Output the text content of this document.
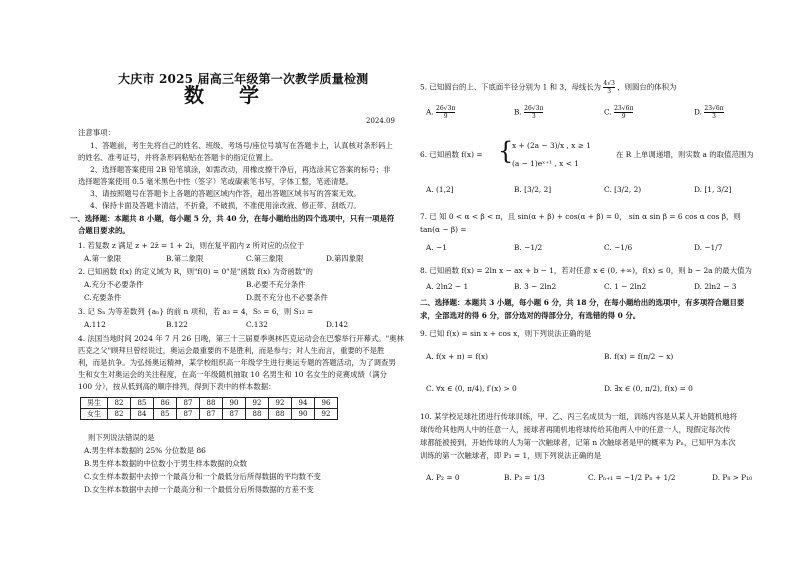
大庆市 2025 届高三年级第一次教学质量检测
数 学
2024.09
注意事项：
1、答题前，考生先将自己的姓名、班级、考场号/座位号填写在答题卡上，认真核对条形码上
的姓名、准考证号，并将条形码粘贴在答题卡的指定位置上。
2、选择题答案使用 2B 铅笔填涂，如需改动，用橡皮擦干净后，再选涂其它答案的标号；非
选择题答案使用 0.5 毫米黑色中性（签字）笔或碳素笔书写，字体工整，笔迹清楚。
3、请按照题号在答题卡上各题的答题区域内作答，超出答题区域书写的答案无效。
4、保持卡面及答题卡清洁，不折叠，不破损，不准使用涂改液、修正带、刮纸刀。
一、选择题：本题共 8 小题，每小题 5 分，共 40 分，在每小题给出的四个选项中，只有一项是符
合题目要求的。
1. 若复数 z 满足 z + 2z̄ = 1 + 2i，则在复平面内 z 所对应的点位于
A.第一象限	B.第二象限	C.第三象限	D.第四象限
2. 已知函数 f(x) 的定义域为 R，则"f(0) = 0"是"函数 f(x) 为奇函数"的
A.充分不必要条件	B.必要不充分条件
C.充要条件	D.既不充分也不必要条件
3. 记 Sₙ 为等差数列 {aₙ} 的前 n 项和，若 a₃ = 4，S₅ = 6，则 S₁₂ =
A.112	B.122	C.132	D.142
4. 法国当地时间 2024 年 7 月 26 日晚，第三十三届夏季奥林匹克运动会在巴黎举行开幕式。"奥林
匹克之父"顾拜旦曾经说过，奥运会最重要的不是胜利，而是参与；对人生而言，重要的不是胜
利，而是抗争。为弘扬奥运精神，某学校组织高一年级学生进行奥运专题的答题活动，为了调查男
生和女生对奥运会的关注程度，在高一年级随机抽取 10 名男生和 10 名女生的竞赛成绩（满分
100 分），按从低到高的顺序排列，得到下表中的样本数据：
男生	82	85	86	87	88	90	92	92	94	96
女生	82	84	85	87	87	87	88	88	90	92
则下列说法错误的是
A.男生样本数据的 25% 分位数是 86
B.男生样本数据的中位数小于男生样本数据的众数
C.女生样本数据中去掉一个最高分和一个最低分后所得数据的平均数不变
D.女生样本数据中去掉一个最高分和一个最低分后所得数据的方差不变
5. 已知圆台的上、下底面半径分别为 1 和 3，母线长为 $\frac{4√3}{3}$ ，则圆台的体积为
A. $\frac{26√3\pi}{9}$	B. $\frac{26√3\pi}{3}$	C. $\frac{23√6\pi}{9}$	D. $\frac{23√6\pi}{3}$
6. 已知函数 f(x) = {
x + (2a − 3)/x , x ≥ 1
(a − 1)eˣ⁺¹ , x < 1
在 R 上单调递增，则实数 a 的取值范围为
A. (1,2]	B. [3/2, 2]	C. [3/2, 2)	D. [1, 3/2]
7. 已 知 0 < α < β < π，且 sin(α + β) + cos(α + β) = 0， sin α sin β = 6 cos α cos β，则
tan(α − β) =
A. −1	B. −1/2	C. −1/6	D. −1/7
8. 已知函数 f(x) = 2ln x − ax + b − 1，若对任意 x ∈ (0, +∞)，f(x) ≤ 0，则 b − 2a 的最大值为
A. 2ln2 − 1	B. 3 − 2ln2	C. 1 − 2ln2	D. 2ln2 − 3
二、选择题：本题共 3 小题，每小题 6 分，共 18 分，在每小题给出的选项中，有多项符合题目要
求，全部选对的得 6 分，部分选对的得部分分，有选错的得 0 分。
9. 已知 f(x) = sin x + cos x，则下列说法正确的是
A. f(x + π) = f(x)	B. f(x) = f(π/2 − x)
C. ∀x ∈ (0, π/4), f′(x) > 0	D. ∃x ∈ (0, π/2), f(x) = 0
10. 某学校足球社团进行传球训练，甲、乙、丙三名成员为一组，训练内容是从某人开始随机地将
球传给其他两人中的任意一人，接球者再随机地将球传给其他两人中的任意一人，现假定每次传
球都能被接到，开始传球的人为第一次触球者，记第 n 次触球者是甲的概率为 Pₙ，已知甲为本次
训练的第一次触球者，即 P₁ = 1，则下列说法正确的是
A. P₂ = 0	B. P₃ = 1/3	C. Pₙ₊₁ = −1/2 Pₙ + 1/2	D. P₈ > P₁₀
